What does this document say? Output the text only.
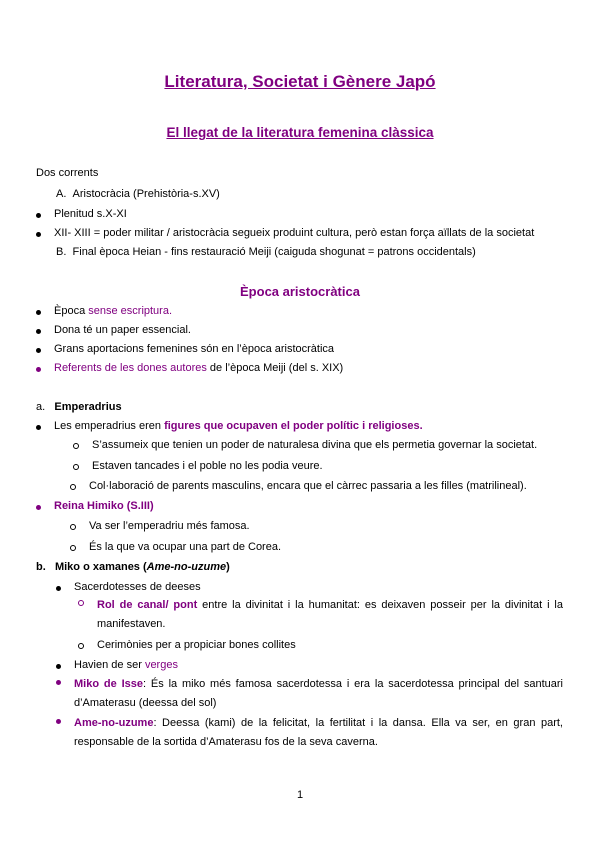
Literatura, Societat i Gènere Japó
El llegat de la literatura femenina clàssica
Dos corrents
A. Aristocràcia (Prehistòria-s.XV)
Plenitud s.X-XI
XII- XIII = poder militar / aristocràcia segueix produint cultura, però estan força aïllats de la societat
B. Final època Heian - fins restauració Meiji (caiguda shogunat = patrons occidentals)
Època aristocràtica
Època sense escriptura.
Dona té un paper essencial.
Grans aportacions femenines són en l’època aristocràtica
Referents de les dones autores de l’època Meiji (del s. XIX)
a. Emperadrius
Les emperadrius eren figures que ocupaven el poder polític i religioses.
S’assumeix que tenien un poder de naturalesa divina que els permetia governar la societat.
Estaven tancades i el poble no les podia veure.
Col·laboració de parents masculins, encara que el càrrec passaria a les filles (matrilineal).
Reina Himiko (S.III)
Va ser l’emperadriu més famosa.
És la que va ocupar una part de Corea.
b. Miko o xamanes (Ame-no-uzume)
Sacerdotesses de deeses
Rol de canal/ pont entre la divinitat i la humanitat: es deixaven posseir per la divinitat i la manifestaven.
Cerimònies per a propiciar bones collites
Havien de ser verges
Miko de Isse: És la miko més famosa sacerdotessa i era la sacerdotessa principal del santuari d’Amaterasu (deessa del sol)
Ame-no-uzume: Deessa (kami) de la felicitat, la fertilitat i la dansa. Ella va ser, en gran part, responsable de la sortida d’Amaterasu fos de la seva caverna.
1
